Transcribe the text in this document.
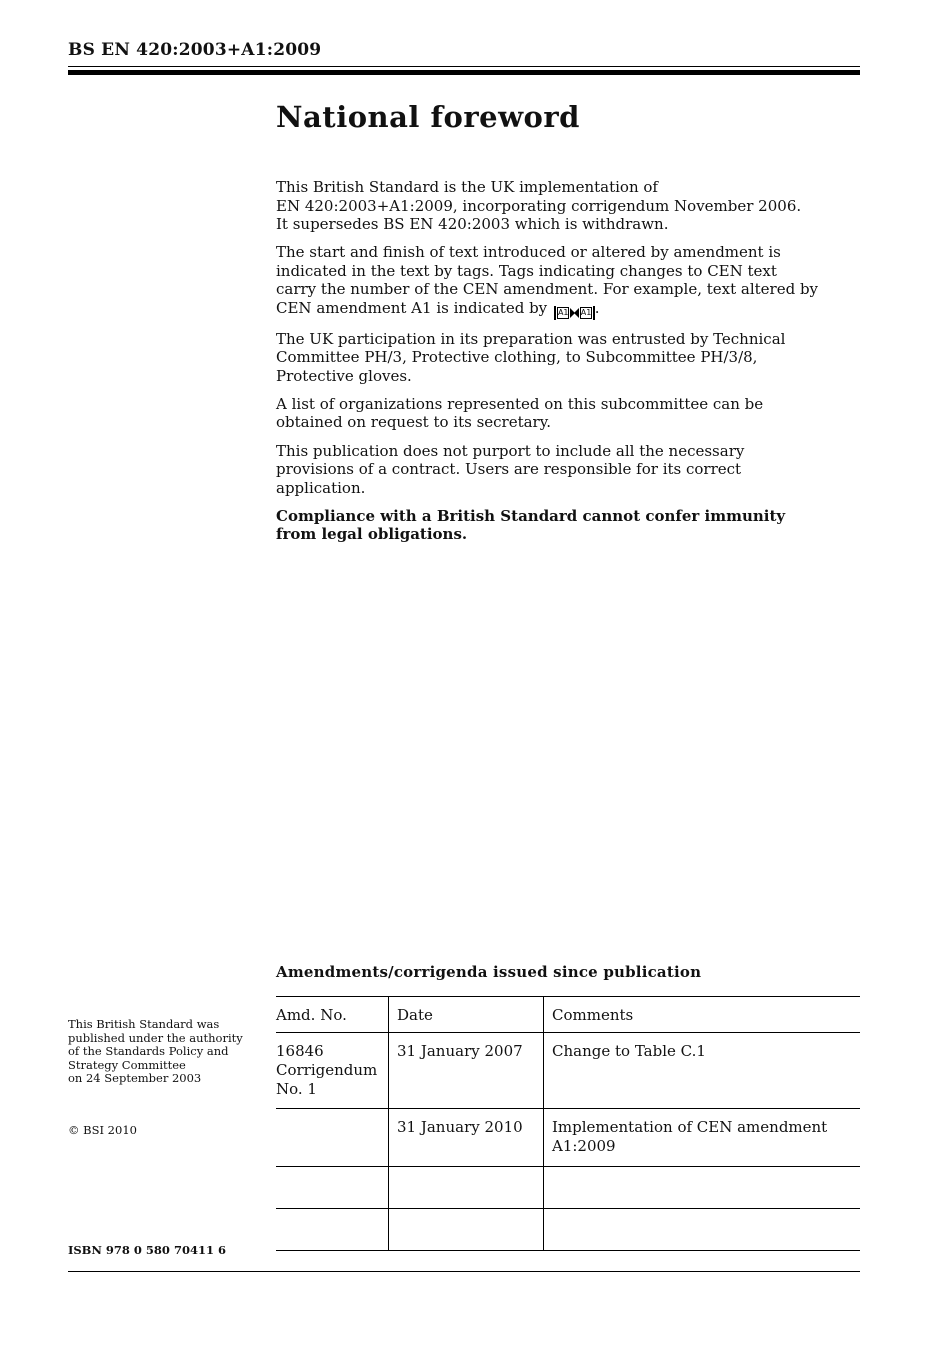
BS EN 420:2003+A1:2009
National foreword

This British Standard is the UK implementation of
EN 420:2003+A1:2009, incorporating corrigendum November 2006.
It supersedes BS EN 420:2003 which is withdrawn.

The start and finish of text introduced or altered by amendment is
indicated in the text by tags. Tags indicating changes to CEN text
carry the number of the CEN amendment. For example, text altered by
CEN amendment A1 is indicated by A1 A1 .

The UK participation in its preparation was entrusted by Technical
Committee PH/3, Protective clothing, to Subcommittee PH/3/8,
Protective gloves.

A list of organizations represented on this subcommittee can be
obtained on request to its secretary.

This publication does not purport to include all the necessary
provisions of a contract. Users are responsible for its correct
application.

Compliance with a British Standard cannot confer immunity
from legal obligations.

This British Standard was
published under the authority
of the Standards Policy and
Strategy Committee
on 24 September 2003
© BSI 2010
ISBN 978 0 580 70411 6
Amendments/corrigenda issued since publication
Amd. No.	Date	Comments

16846
Corrigendum
No. 1	31 January 2007	Change to Table C.1

	31 January 2010	Implementation of CEN amendment
A1:2009
